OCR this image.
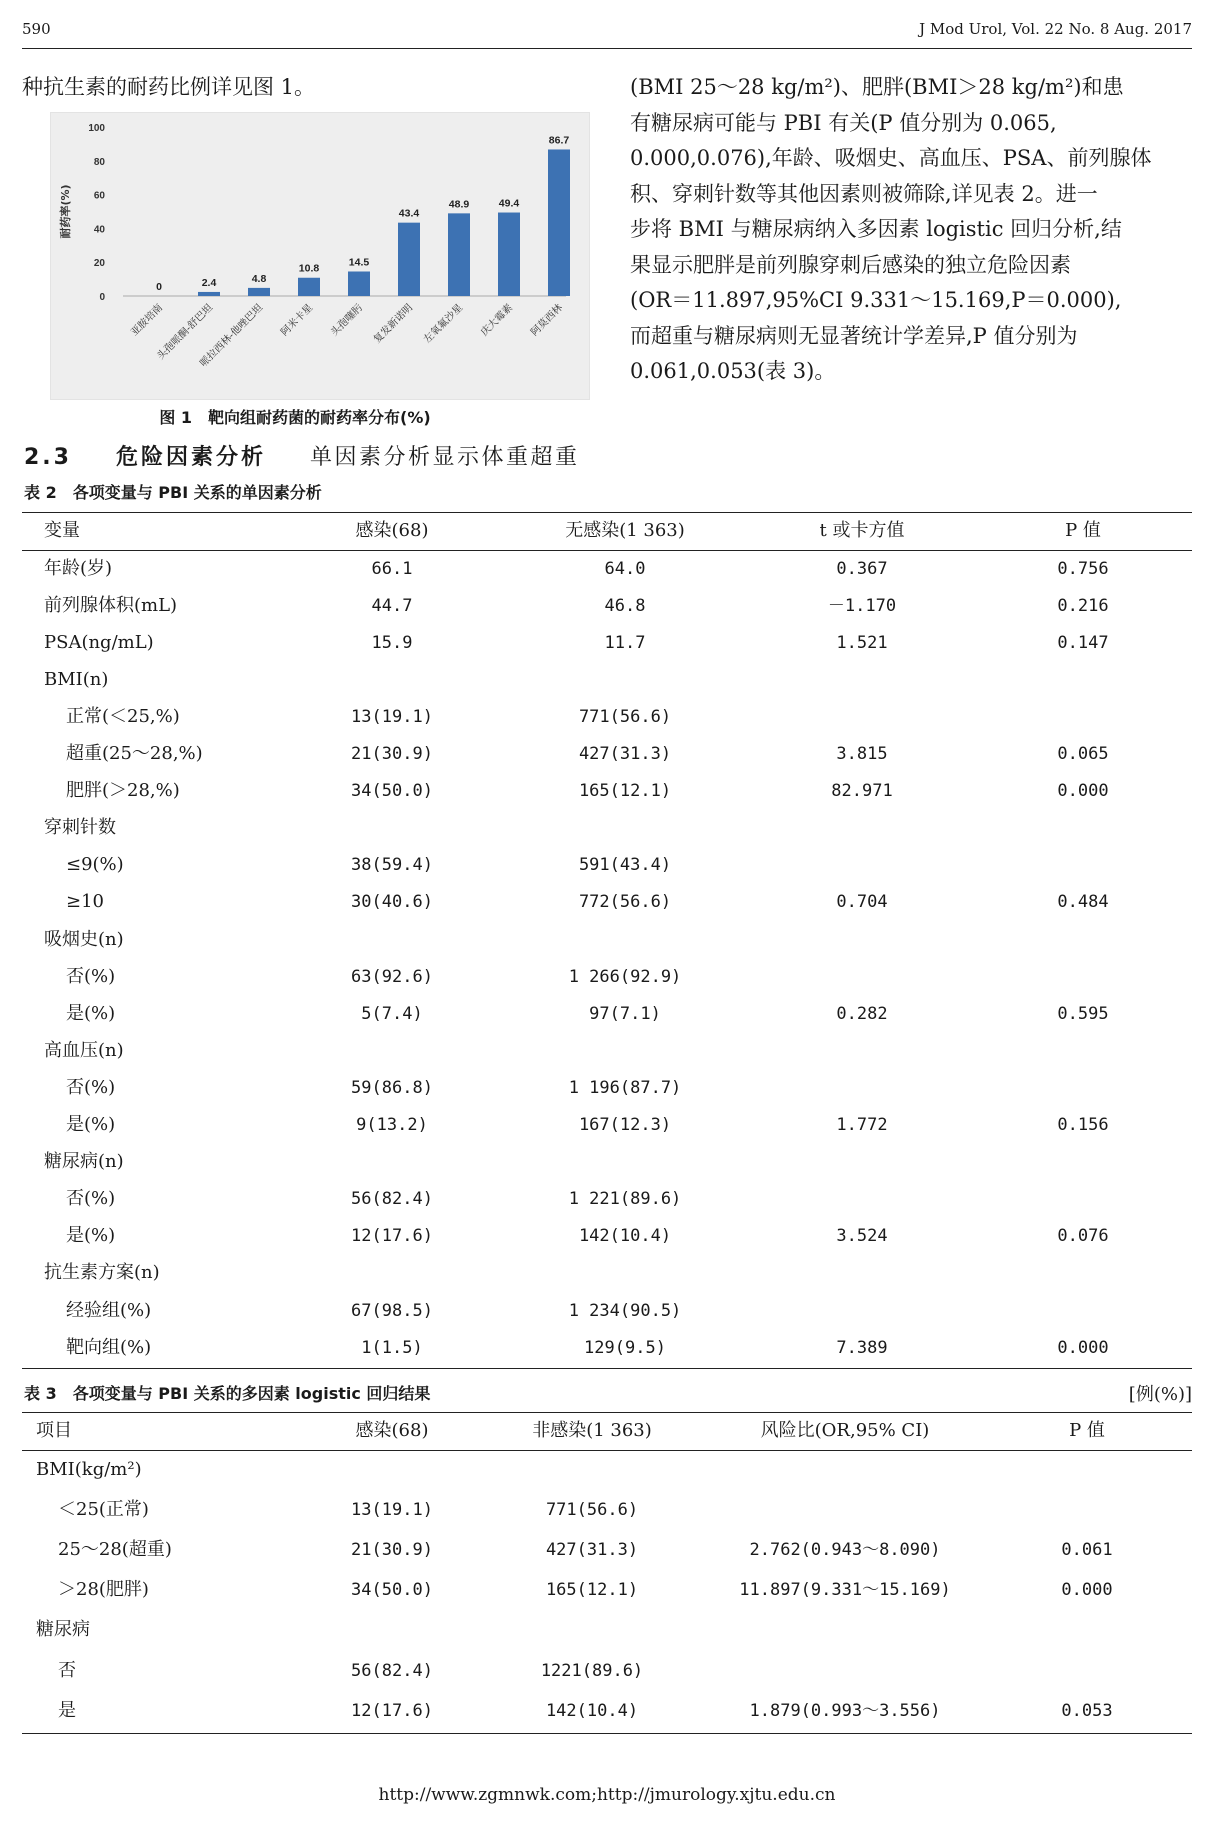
590	J Mod Urol, Vol. 22 No. 8 Aug. 2017
种抗生素的耐药比例详见图 1。	(BMI 25～28 kg/m²)、肥胖(BMI＞28 kg/m²)和患
有糖尿病可能与 PBI 有关(P 值分别为 0.065,
0.000,0.076),年龄、吸烟史、高血压、PSA、前列腺体
积、穿刺针数等其他因素则被筛除,详见表 2。进一
步将 BMI 与糖尿病纳入多因素 logistic 回归分析,结
果显示肥胖是前列腺穿刺后感染的独立危险因素
(OR＝11.897,95%CI 9.331～15.169,P＝0.000),
而超重与糖尿病则无显著统计学差异,P 值分别为
0.061,0.053(表 3)。
0
20
40
60
80
100
耐药率(%)
0
亚胺培南
2.4
头孢哌酮-舒巴坦
4.8
哌拉西林-他唑巴坦
10.8
阿米卡星
14.5
头孢噻肟
43.4
复发新诺明
48.9
左氧氟沙星
49.4
庆大霉素
86.7
阿莫西林
图 1　靶向组耐药菌的耐药率分布(%)
2.3 危险因素分析 单因素分析显示体重超重
表 2　各项变量与 PBI 关系的单因素分析
变量	感染(68)	无感染(1 363)	t 或卡方值	P 值
年龄(岁)	66.1	64.0	0.367	0.756
前列腺体积(mL)	44.7	46.8	－1.170	0.216
PSA(ng/mL)	15.9	11.7	1.521	0.147
BMI(n)
正常(＜25,%)	13(19.1)	771(56.6)
超重(25～28,%)	21(30.9)	427(31.3)	3.815	0.065
肥胖(＞28,%)	34(50.0)	165(12.1)	82.971	0.000
穿刺针数
≤9(%)	38(59.4)	591(43.4)
≥10	30(40.6)	772(56.6)	0.704	0.484
吸烟史(n)
否(%)	63(92.6)	1 266(92.9)
是(%)	5(7.4)	97(7.1)	0.282	0.595
高血压(n)
否(%)	59(86.8)	1 196(87.7)
是(%)	9(13.2)	167(12.3)	1.772	0.156
糖尿病(n)
否(%)	56(82.4)	1 221(89.6)
是(%)	12(17.6)	142(10.4)	3.524	0.076
抗生素方案(n)
经验组(%)	67(98.5)	1 234(90.5)
靶向组(%)	1(1.5)	129(9.5)	7.389	0.000
表 3　各项变量与 PBI 关系的多因素 logistic 回归结果	[例(%)]
项目	感染(68)	非感染(1 363)	风险比(OR,95% CI)	P 值
BMI(kg/m²)
＜25(正常)	13(19.1)	771(56.6)
25～28(超重)	21(30.9)	427(31.3)	2.762(0.943～8.090)	0.061
＞28(肥胖)	34(50.0)	165(12.1)	11.897(9.331～15.169)	0.000
糖尿病
否	56(82.4)	1221(89.6)
是	12(17.6)	142(10.4)	1.879(0.993～3.556)	0.053
http://www.zgmnwk.com;http://jmurology.xjtu.edu.cn
